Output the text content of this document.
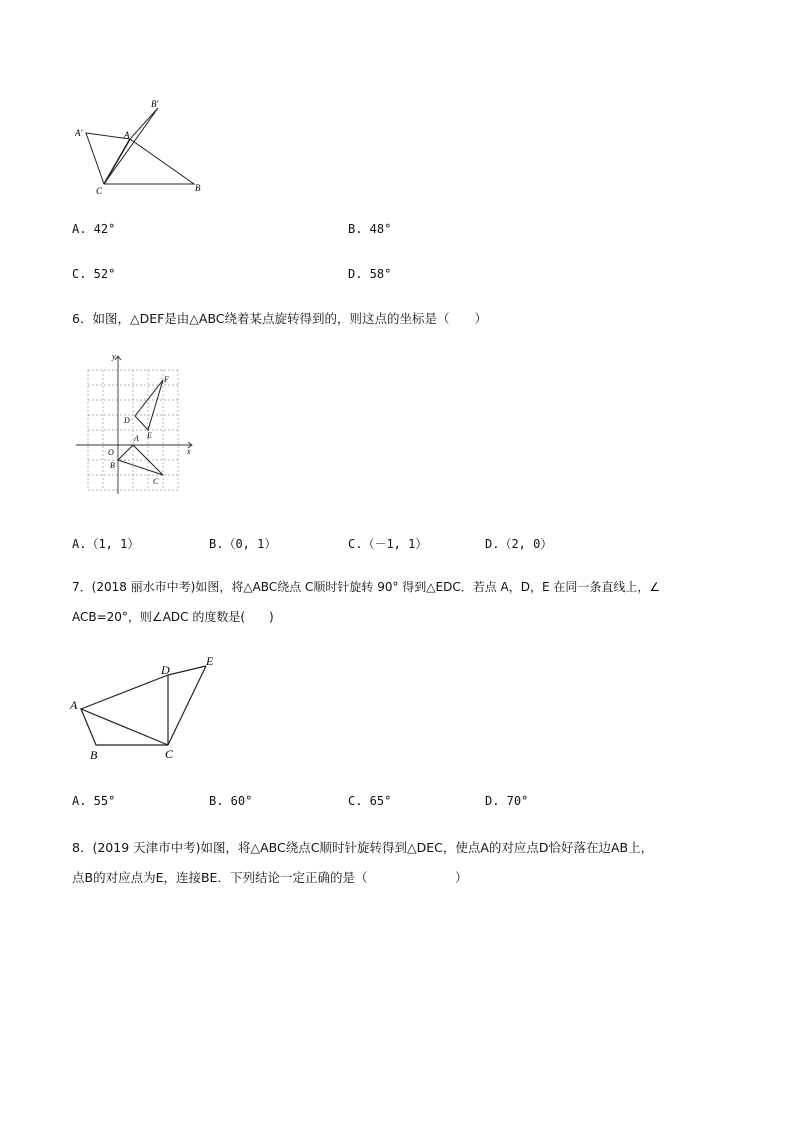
B′
A′	A
C	B
A. 42°	B. 48°
C. 52°	D. 58°
6．如图，△DEF是由△ABC绕着某点旋转得到的，则这点的坐标是（　　）
y
x
O
F
D
E
A
B
C
A.（1, 1）	B.（0, 1）	C.（－1, 1）	D.（2, 0）
7．(2018 丽水市中考)如图，将△ABC绕点 C顺时针旋转 90° 得到△EDC．若点 A，D，E 在同一条直线上，∠
ACB=20°，则∠ADC 的度数是(　　)
A
B	C
D
E
A. 55°	B. 60°	C. 65°	D. 70°
8．(2019 天津市中考)如图，将△ABC绕点C顺时针旋转得到△DEC，使点A的对应点D恰好落在边AB上，
点B的对应点为E，连接BE．下列结论一定正确的是（　　　　　　　）
